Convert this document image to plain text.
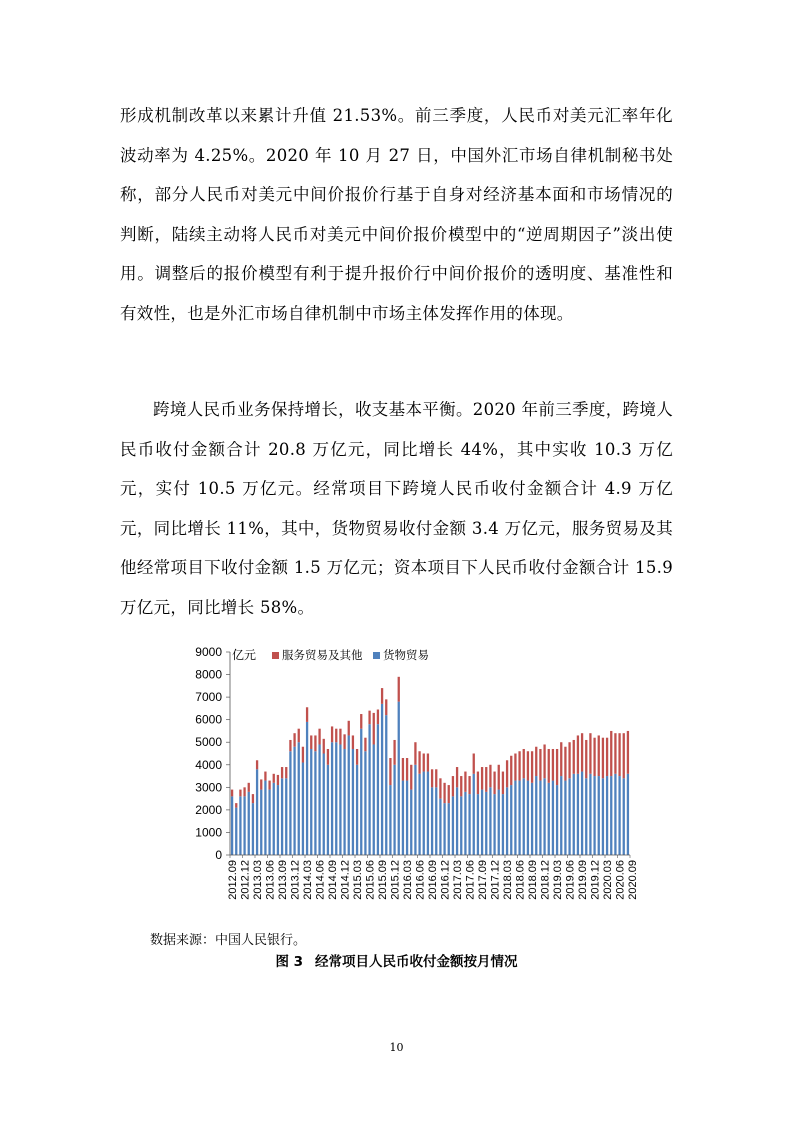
形成机制改革以来累计升值 21.53%。前三季度，人民币对美元汇率年化波动率为 4.25%。2020 年 10 月 27 日，中国外汇市场自律机制秘书处称，部分人民币对美元中间价报价行基于自身对经济基本面和市场情况的判断，陆续主动将人民币对美元中间价报价模型中的“逆周期因子”淡出使用。调整后的报价模型有利于提升报价行中间价报价的透明度、基准性和有效性，也是外汇市场自律机制中市场主体发挥作用的体现。

跨境人民币业务保持增长，收支基本平衡。2020 年前三季度，跨境人民币收付金额合计 20.8 万亿元，同比增长 44%，其中实收 10.3 万亿元，实付 10.5 万亿元。经常项目下跨境人民币收付金额合计 4.9 万亿元，同比增长 11%，其中，货物贸易收付金额 3.4 万亿元，服务贸易及其他经常项目下收付金额 1.5 万亿元；资本项目下人民币收付金额合计 15.9 万亿元，同比增长 58%。

0
1000
2000
3000
4000
5000
6000
7000
8000
9000
2012.09 2012.12 2013.03 2013.06 2013.09 2013.12 2014.03 2014.06 2014.09 2014.12 2015.03 2015.06 2015.09 2015.12 2016.03 2016.06 2016.09 2016.12 2017.03 2017.06 2017.09 2017.12 2018.03 2018.06 2018.09 2018.12 2019.03 2019.06 2019.09 2019.12 2020.03 2020.06 2020.09
亿元 服务贸易及其他 货物贸易
数据来源：中国人民银行。
图 3 经常项目人民币收付金额按月情况
10
